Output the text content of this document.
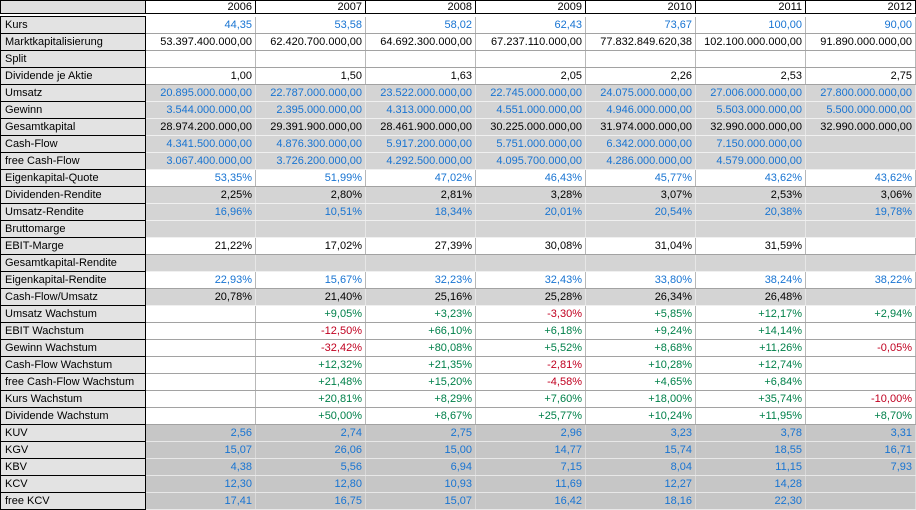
	2006	2007	2008	2009	2010	2011	2012

Kurs	44,35	53,58	58,02	62,43	73,67	100,00	90,00
Marktkapitalisierung	53.397.400.000,00	62.420.700.000,00	64.692.300.000,00	67.237.110.000,00	77.832.849.620,38	102.100.000.000,00	91.890.000.000,00
Split							
Dividende je Aktie	1,00	1,50	1,63	2,05	2,26	2,53	2,75
Umsatz	20.895.000.000,00	22.787.000.000,00	23.522.000.000,00	22.745.000.000,00	24.075.000.000,00	27.006.000.000,00	27.800.000.000,00
Gewinn	3.544.000.000,00	2.395.000.000,00	4.313.000.000,00	4.551.000.000,00	4.946.000.000,00	5.503.000.000,00	5.500.000.000,00
Gesamtkapital	28.974.200.000,00	29.391.900.000,00	28.461.900.000,00	30.225.000.000,00	31.974.000.000,00	32.990.000.000,00	32.990.000.000,00
Cash-Flow	4.341.500.000,00	4.876.300.000,00	5.917.200.000,00	5.751.000.000,00	6.342.000.000,00	7.150.000.000,00	
free Cash-Flow	3.067.400.000,00	3.726.200.000,00	4.292.500.000,00	4.095.700.000,00	4.286.000.000,00	4.579.000.000,00	
Eigenkapital-Quote	53,35%	51,99%	47,02%	46,43%	45,77%	43,62%	43,62%
Dividenden-Rendite	2,25%	2,80%	2,81%	3,28%	3,07%	2,53%	3,06%
Umsatz-Rendite	16,96%	10,51%	18,34%	20,01%	20,54%	20,38%	19,78%
Bruttomarge							
EBIT-Marge	21,22%	17,02%	27,39%	30,08%	31,04%	31,59%	
Gesamtkapital-Rendite							
Eigenkapital-Rendite	22,93%	15,67%	32,23%	32,43%	33,80%	38,24%	38,22%
Cash-Flow/Umsatz	20,78%	21,40%	25,16%	25,28%	26,34%	26,48%	
Umsatz Wachstum		+9,05%	+3,23%	-3,30%	+5,85%	+12,17%	+2,94%
EBIT Wachstum		-12,50%	+66,10%	+6,18%	+9,24%	+14,14%	
Gewinn Wachstum		-32,42%	+80,08%	+5,52%	+8,68%	+11,26%	-0,05%
Cash-Flow Wachstum		+12,32%	+21,35%	-2,81%	+10,28%	+12,74%	
free Cash-Flow Wachstum		+21,48%	+15,20%	-4,58%	+4,65%	+6,84%	
Kurs Wachstum		+20,81%	+8,29%	+7,60%	+18,00%	+35,74%	-10,00%
Dividende Wachstum		+50,00%	+8,67%	+25,77%	+10,24%	+11,95%	+8,70%
KUV	2,56	2,74	2,75	2,96	3,23	3,78	3,31
KGV	15,07	26,06	15,00	14,77	15,74	18,55	16,71
KBV	4,38	5,56	6,94	7,15	8,04	11,15	7,93
KCV	12,30	12,80	10,93	11,69	12,27	14,28	
free KCV	17,41	16,75	15,07	16,42	18,16	22,30	
